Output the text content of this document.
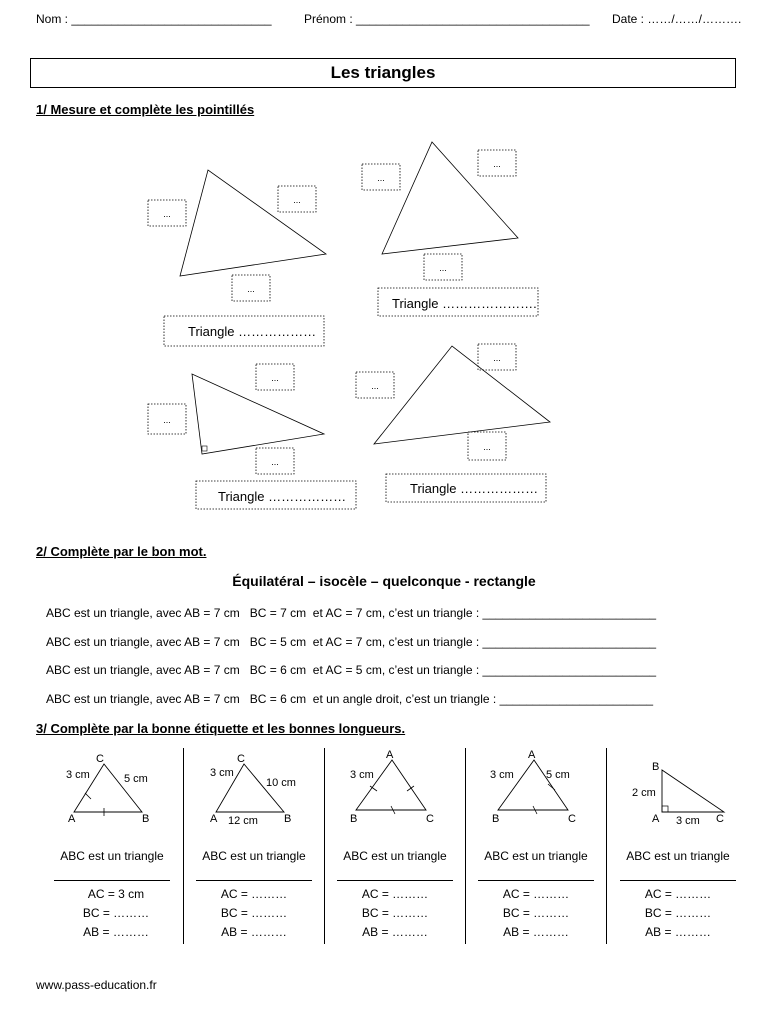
Nom : ______________________________	Prénom : ___________________________________ Date : ……/……/……….
Les triangles
1/ Mesure et complète les pointillés
...
...
...
...
...
...
...
...
...
...
...
...
Triangle ………………
Triangle ………………….
Triangle ………………
Triangle ………………
2/ Complète par le bon mot.
Équilatéral – isocèle – quelconque - rectangle
ABC est un triangle, avec AB = 7 cm   BC = 7 cm  et AC = 7 cm, c’est un triangle : __________________________
ABC est un triangle, avec AB = 7 cm   BC = 5 cm  et AC = 7 cm, c’est un triangle : __________________________
ABC est un triangle, avec AB = 7 cm   BC = 6 cm  et AC = 5 cm, c’est un triangle : __________________________
ABC est un triangle, avec AB = 7 cm   BC = 6 cm  et un angle droit, c’est un triangle : _______________________
3/ Complète par la bonne étiquette et les bonnes longueurs.
A	B
C
3 cm	5 cm
A	B
C
3 cm
10 cm
12 cm	B	C
A
3 cm
B	C
A
3 cm	5 cm
B
A	C
2 cm
3 cm
ABC est un triangle
AC = 3 cm
BC = ………
AB = ………
ABC est un triangle
AC = ………
BC = ………
AB = ………
ABC est un triangle
AC = ………
BC = ………
AB = ………
ABC est un triangle
AC = ………
BC = ………
AB = ………
ABC est un triangle
AC = ………
BC = ………
AB = ………
www.pass-education.fr
